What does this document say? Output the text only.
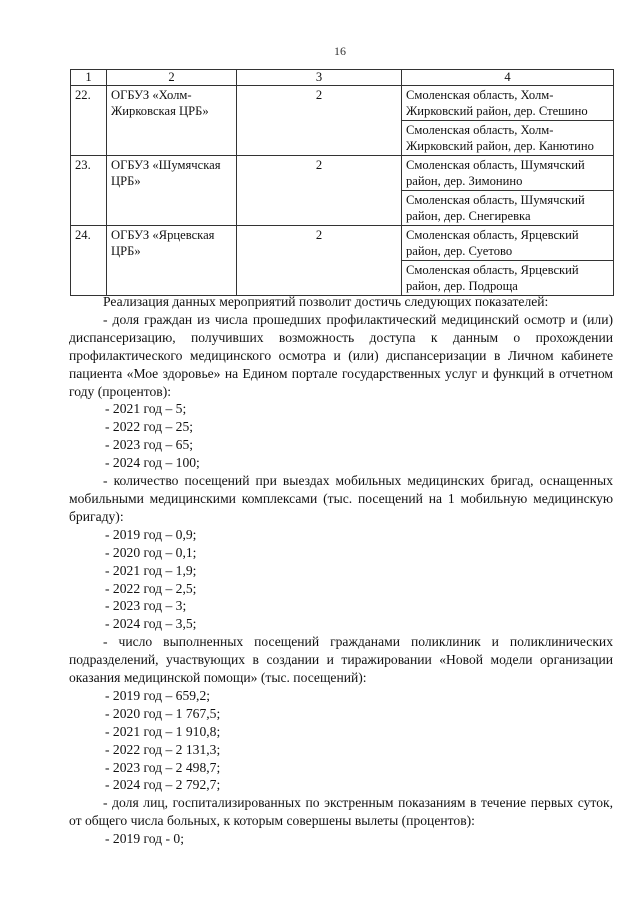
16
1	2	3	4
22.	ОГБУЗ «Холм-Жирковская ЦРБ»	2	Смоленская область, Холм-Жирковский район, дер. Стешино
			Смоленская область, Холм-Жирковский район, дер. Канютино
23.	ОГБУЗ «Шумячская ЦРБ»	2	Смоленская область, Шумячский район, дер. Зимонино
			Смоленская область, Шумячский район, дер. Снегиревка
24.	ОГБУЗ «Ярцевская ЦРБ»	2	Смоленская область, Ярцевский район, дер. Суетово
			Смоленская область, Ярцевский район, дер. Подроща

Реализация данных мероприятий позволит достичь следующих показателей:

- доля граждан из числа прошедших профилактический медицинский осмотр и (или) диспансеризацию, получивших возможность доступа к данным о прохождении профилактического медицинского осмотра и (или) диспансеризации в Личном кабинете пациента «Мое здоровье» на Едином портале государственных услуг и функций в отчетном году (процентов):

- 2021 год – 5;

- 2022 год – 25;

- 2023 год – 65;

- 2024 год – 100;

- количество посещений при выездах мобильных медицинских бригад, оснащенных мобильными медицинскими комплексами (тыс. посещений на 1 мобильную медицинскую бригаду):

- 2019 год – 0,9;

- 2020 год – 0,1;

- 2021 год – 1,9;

- 2022 год – 2,5;

- 2023 год – 3;

- 2024 год – 3,5;

- число выполненных посещений гражданами поликлиник и поликлинических подразделений, участвующих в создании и тиражировании «Новой модели организации оказания медицинской помощи» (тыс. посещений):

- 2019 год – 659,2;

- 2020 год – 1 767,5;

- 2021 год – 1 910,8;

- 2022 год – 2 131,3;

- 2023 год – 2 498,7;

- 2024 год – 2 792,7;

- доля лиц, госпитализированных по экстренным показаниям в течение первых суток, от общего числа больных, к которым совершены вылеты (процентов):

- 2019 год - 0;
